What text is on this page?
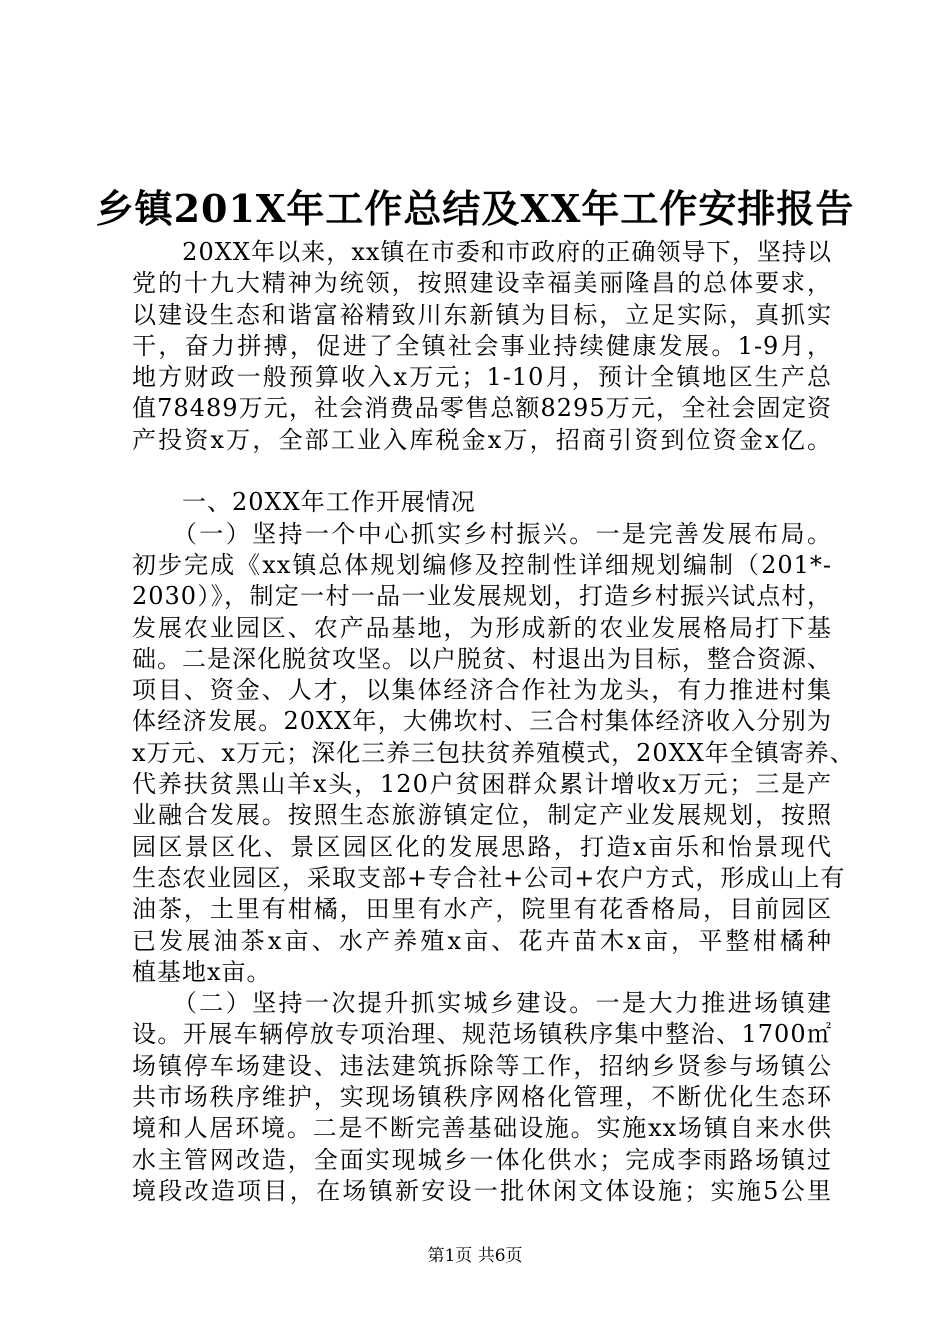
乡镇201X年工作总结及XX年工作安排报告
　　20XX年以来，xx镇在市委和市政府的正确领导下，坚持以
党的十九大精神为统领，按照建设幸福美丽隆昌的总体要求，
以建设生态和谐富裕精致川东新镇为目标，立足实际，真抓实
干，奋力拼搏，促进了全镇社会事业持续健康发展。1-9月，
地方财政一般预算收入x万元；1-10月，预计全镇地区生产总
值78489万元，社会消费品零售总额8295万元，全社会固定资
产投资x万，全部工业入库税金x万，招商引资到位资金x亿。
　　一、20XX年工作开展情况
　　（一）坚持一个中心抓实乡村振兴。一是完善发展布局。
初步完成《xx镇总体规划编修及控制性详细规划编制（201*-
2030）》，制定一村一品一业发展规划，打造乡村振兴试点村，
发展农业园区、农产品基地，为形成新的农业发展格局打下基
础。二是深化脱贫攻坚。以户脱贫、村退出为目标，整合资源、
项目、资金、人才，以集体经济合作社为龙头，有力推进村集
体经济发展。20XX年，大佛坎村、三合村集体经济收入分别为
x万元、x万元；深化三养三包扶贫养殖模式，20XX年全镇寄养、
代养扶贫黑山羊x头，120户贫困群众累计增收x万元；三是产
业融合发展。按照生态旅游镇定位，制定产业发展规划，按照
园区景区化、景区园区化的发展思路，打造x亩乐和怡景现代
生态农业园区，采取支部+专合社+公司+农户方式，形成山上有
油茶，土里有柑橘，田里有水产，院里有花香格局，目前园区
已发展油茶x亩、水产养殖x亩、花卉苗木x亩，平整柑橘种
植基地x亩。
　　（二）坚持一次提升抓实城乡建设。一是大力推进场镇建
设。开展车辆停放专项治理、规范场镇秩序集中整治、1700㎡
场镇停车场建设、违法建筑拆除等工作，招纳乡贤参与场镇公
共市场秩序维护，实现场镇秩序网格化管理，不断优化生态环
境和人居环境。二是不断完善基础设施。实施xx场镇自来水供
水主管网改造，全面实现城乡一体化供水；完成李雨路场镇过
境段改造项目，在场镇新安设一批休闲文体设施；实施5公里
第1页 共6页
